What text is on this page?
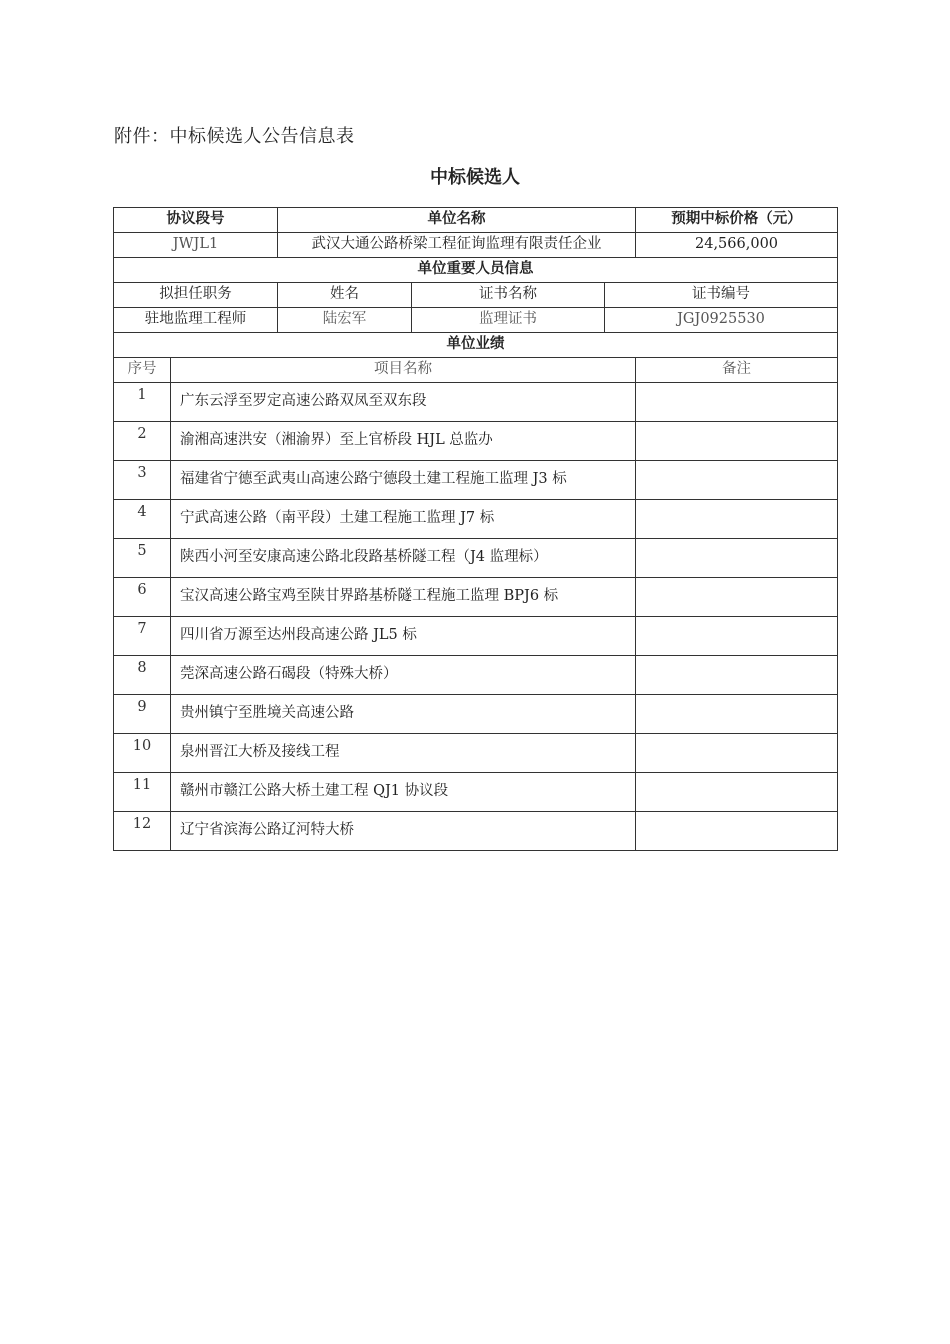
附件：中标候选人公告信息表
中标候选人
协议段号		单位名称			预期中标价格（元）
JWJL1		武汉大通公路桥梁工程征询监理有限责任企业			24,566,000
单位重要人员信息					
拟担任职务		姓名	证书名称	证书编号	
驻地监理工程师		陆宏军	监理证书	JGJ0925530	
单位业绩					
序号	项目名称				备注
1	广东云浮至罗定高速公路双凤至双东段				
2	渝湘高速洪安（湘渝界）至上官桥段 HJL 总监办				
3	福建省宁德至武夷山高速公路宁德段土建工程施工监理 J3 标				
4	宁武高速公路（南平段）土建工程施工监理 J7 标				
5	陕西小河至安康高速公路北段路基桥隧工程（J4 监理标）				
6	宝汉高速公路宝鸡至陕甘界路基桥隧工程施工监理 BPJ6 标				
7	四川省万源至达州段高速公路 JL5 标				
8	莞深高速公路石碣段（特殊大桥）				
9	贵州镇宁至胜境关高速公路				
10	泉州晋江大桥及接线工程				
11	赣州市赣江公路大桥土建工程 QJ1 协议段				
12	辽宁省滨海公路辽河特大桥				
